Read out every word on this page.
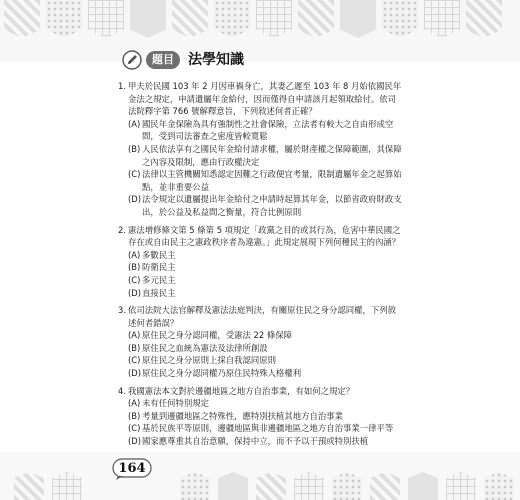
題目	法學知識
1. 甲夫於民國 103 年 2 月因車禍身亡，其妻乙遲至 103 年 8 月始依國民年金法之規定，申請遺屬年金給付，因而僅得自申請該月起領取給付。依司法院釋字第 766 號解釋意旨，下列敘述何者正確？
(A) 國民年金保險為具有強制性之社會保險，立法者有較大之自由形成空間，受到司法審查之密度皆較寬鬆
(B) 人民依法享有之國民年金給付請求權，屬於財產權之保障範圍，其保障之內容及限制，應由行政權決定
(C) 法律以主管機關知悉認定因難之行政便宜考量，限制遺屬年金之起算始點，並非重要公益
(D) 法令規定以遺屬提出年金給付之申請時起算其年金，以節省政府財政支出，於公益及私益間之衡量，符合比例原則
2. 憲法增修條文第 5 條第 5 項規定「政黨之目的或其行為，危害中華民國之存在或自由民主之憲政秩序者為違憲。」此規定展現下列何種民主的內涵？
(A) 多數民主
(B) 防衛民主
(C) 多元民主
(D) 直接民主
3. 依司法院大法官解釋及憲法法庭判決，有關原住民之身分認同權，下列敘述何者錯誤？
(A) 原住民之身分認同權，受憲法 22 條保障
(B) 原住民之血統為憲法及法律所創設
(C) 原住民之身分原則上採自我認同原則
(D) 原住民之身分認同權乃原住民特殊人格權利
4. 我國憲法本文對於邊疆地區之地方自治事業，有如何之規定？
(A) 未有任何特別規定
(B) 考量到邊疆地區之特殊性，應特別扶植其地方自治事業
(C) 基於民族平等原則，邊疆地區與非邊疆地區之地方自治事業一律平等
(D) 國家應尊重其自治意願，保持中立，而不予以干預或特別扶植
164
